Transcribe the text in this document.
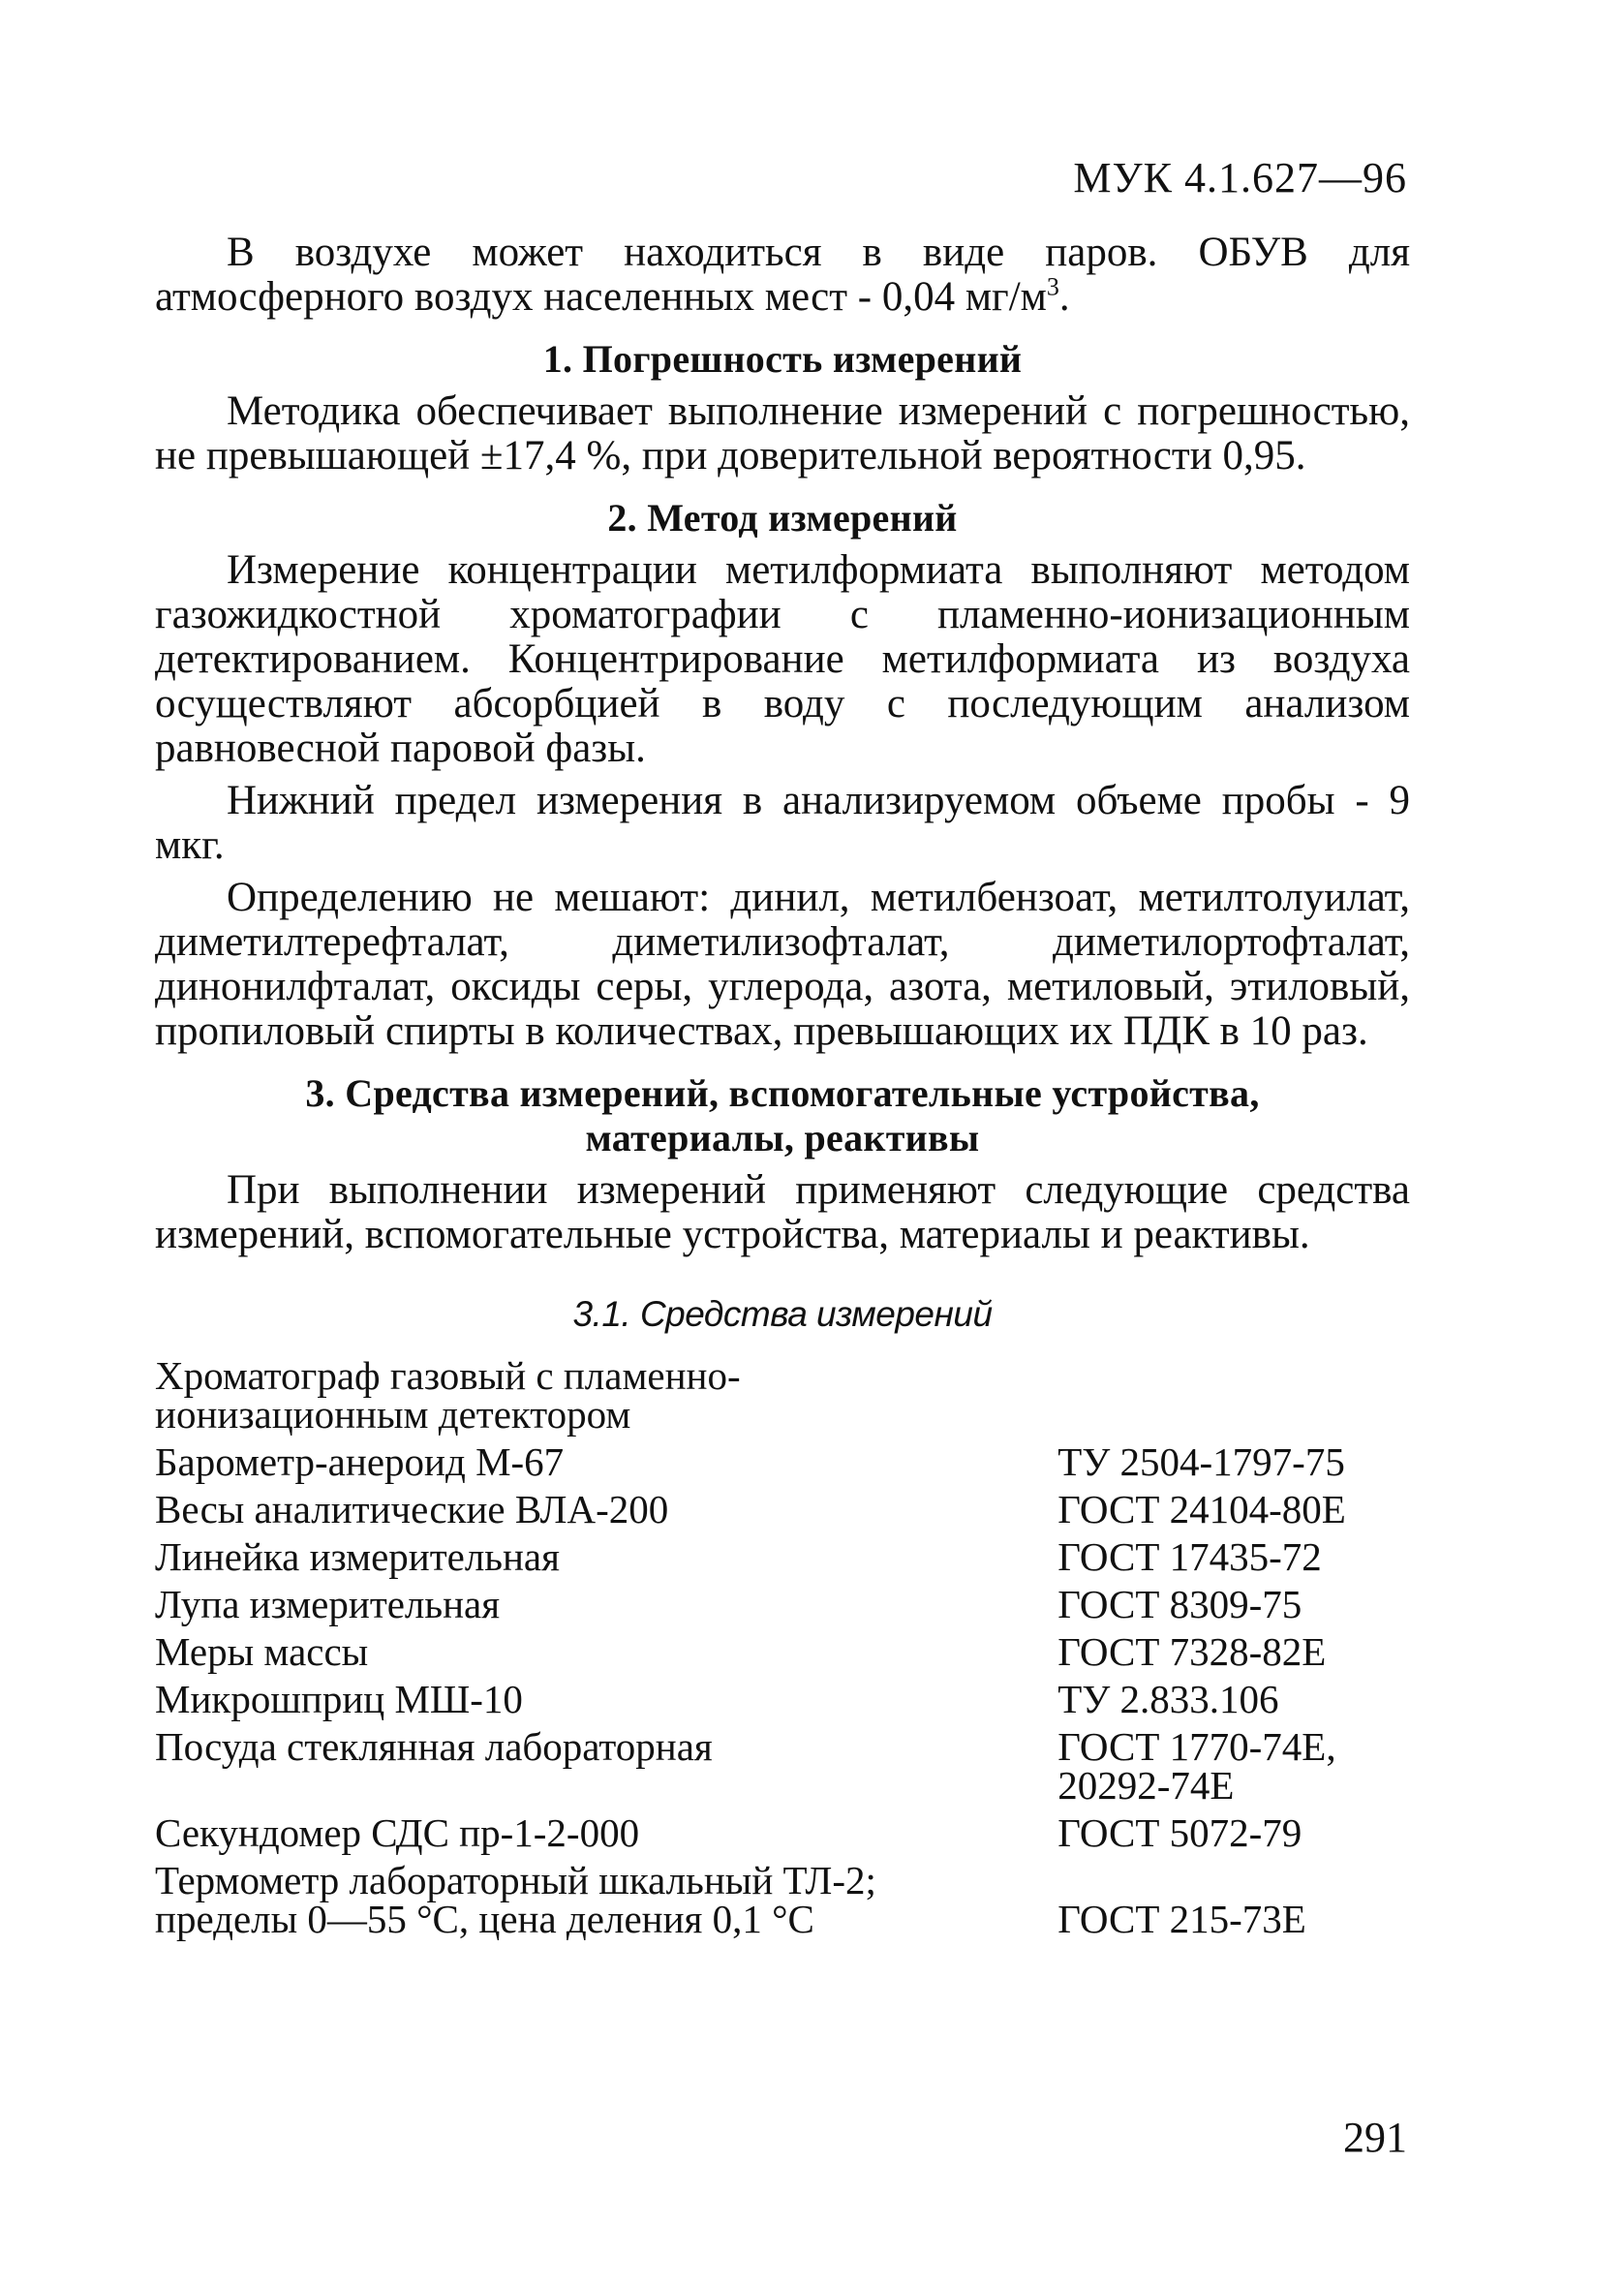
МУК 4.1.627—96

В воздухе может находиться в виде паров. ОБУВ для атмосферного воздух населенных мест - 0,04 $мг/м^3$.

1. Погрешность измерений

Методика обеспечивает выполнение измерений с погрешностью, не превышающей ±17,4 %, при доверительной вероятности 0,95.

2. Метод измерений

Измерение концентрации метилформиата выполняют методом газожидкостной хроматографии с пламенно-ионизационным детектированием. Концентрирование метилформиата из воздуха осуществляют абсорбцией в воду с последующим анализом равновесной паровой фазы.

Нижний предел измерения в анализируемом объеме пробы - 9 мкг.

Определению не мешают: динил, метилбензоат, метилтолуилат, диметилтерефталат, диметилизофталат, диметилортофталат, динонилфталат, оксиды серы, углерода, азота, метиловый, этиловый, пропиловый спирты в количествах, превышающих их ПДК в 10 раз.

3. Средства измерений, вспомогательные устройства,
материалы, реактивы

При выполнении измерений применяют следующие средства измерений, вспомогательные устройства, материалы и реактивы.

3.1. Средства измерений
Хроматограф газовый с пламенно-
ионизационным детектором	
Барометр-анероид М-67	ТУ 2504-1797-75
Весы аналитические ВЛА-200	ГОСТ 24104-80Е
Линейка измерительная	ГОСТ 17435-72
Лупа измерительная	ГОСТ 8309-75
Меры массы	ГОСТ 7328-82Е
Микрошприц МШ-10	ТУ 2.833.106
Посуда стеклянная лабораторная	ГОСТ 1770-74Е,
20292-74Е
Секундомер СДС пр-1-2-000	ГОСТ 5072-79
Термометр лабораторный шкальный ТЛ-2;
пределы 0—55 °С, цена деления 0,1 °С	ГОСТ 215-73Е
291
